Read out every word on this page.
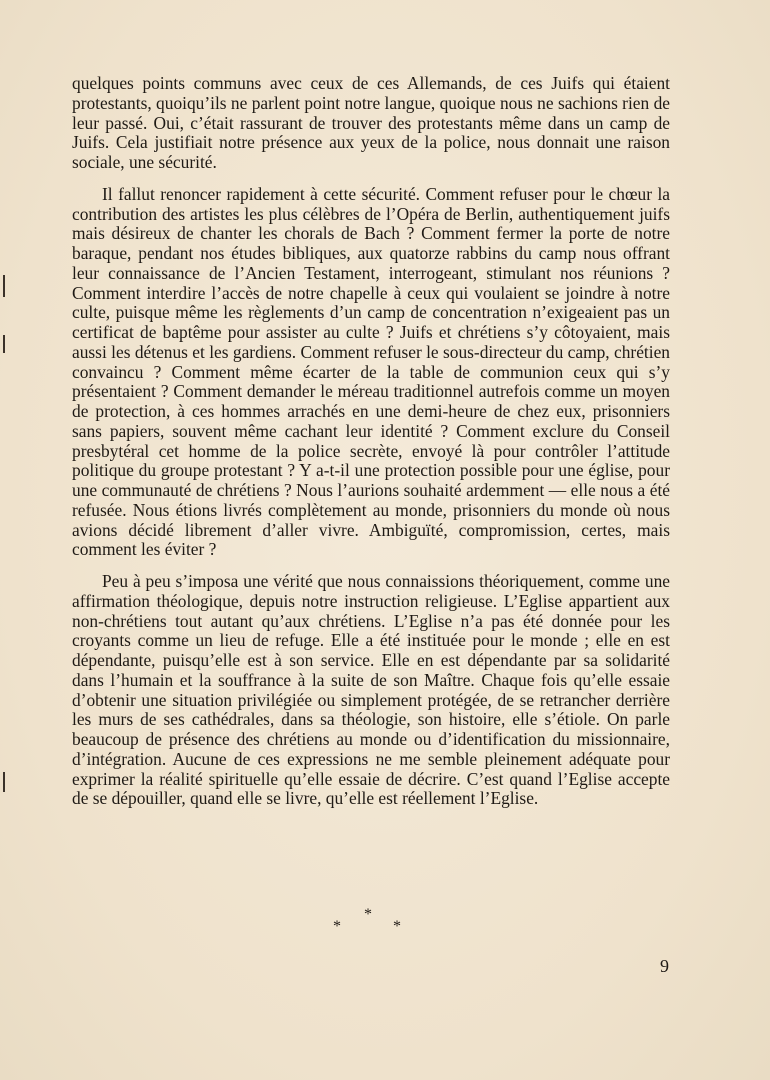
quelques points communs avec ceux de ces Allemands, de ces Juifs qui étaient protestants, quoiqu’ils ne parlent point notre langue, quoique nous ne sachions rien de leur passé. Oui, c’était rassurant de trouver des protestants même dans un camp de Juifs. Cela justifiait notre présence aux yeux de la police, nous donnait une raison sociale, une sécurité.

Il fallut renoncer rapidement à cette sécurité. Comment refuser pour le chœur la contribution des artistes les plus célèbres de l’Opéra de Berlin, authentiquement juifs mais désireux de chanter les chorals de Bach ? Comment fermer la porte de notre baraque, pendant nos études bibliques, aux quatorze rabbins du camp nous offrant leur connaissance de l’Ancien Testament, interrogeant, stimulant nos réunions ? Comment interdire l’accès de notre chapelle à ceux qui voulaient se joindre à notre culte, puisque même les règlements d’un camp de concentration n’exigeaient pas un certificat de baptême pour assister au culte ? Juifs et chrétiens s’y côtoyaient, mais aussi les détenus et les gardiens. Comment refuser le sous-directeur du camp, chrétien convaincu ? Comment même écarter de la table de communion ceux qui s’y présentaient ? Comment demander le méreau traditionnel autrefois comme un moyen de protection, à ces hommes arrachés en une demi-heure de chez eux, prisonniers sans papiers, souvent même cachant leur identité ? Comment exclure du Conseil presbytéral cet homme de la police secrète, envoyé là pour contrôler l’attitude politique du groupe protestant ? Y a-t-il une protection possible pour une église, pour une communauté de chrétiens ? Nous l’aurions souhaité ardemment — elle nous a été refusée. Nous étions livrés complètement au monde, prisonniers du monde où nous avions décidé librement d’aller vivre. Ambiguïté, compromission, certes, mais comment les éviter ?

Peu à peu s’imposa une vérité que nous connaissions théoriquement, comme une affirmation théologique, depuis notre instruction religieuse. L’Eglise appartient aux non-chrétiens tout autant qu’aux chrétiens. L’Eglise n’a pas été donnée pour les croyants comme un lieu de refuge. Elle a été instituée pour le monde ; elle en est dépendante, puisqu’elle est à son service. Elle en est dépendante par sa solidarité dans l’humain et la souffrance à la suite de son Maître. Chaque fois qu’elle essaie d’obtenir une situation privilégiée ou simplement protégée, de se retrancher derrière les murs de ses cathédrales, dans sa théologie, son histoire, elle s’étiole. On parle beaucoup de présence des chrétiens au monde ou d’identification du missionnaire, d’intégration. Aucune de ces expressions ne me semble pleinement adéquate pour exprimer la réalité spirituelle qu’elle essaie de décrire. C’est quand l’Eglise accepte de se dépouiller, quand elle se livre, qu’elle est réellement l’Eglise.

*
*	*
9
